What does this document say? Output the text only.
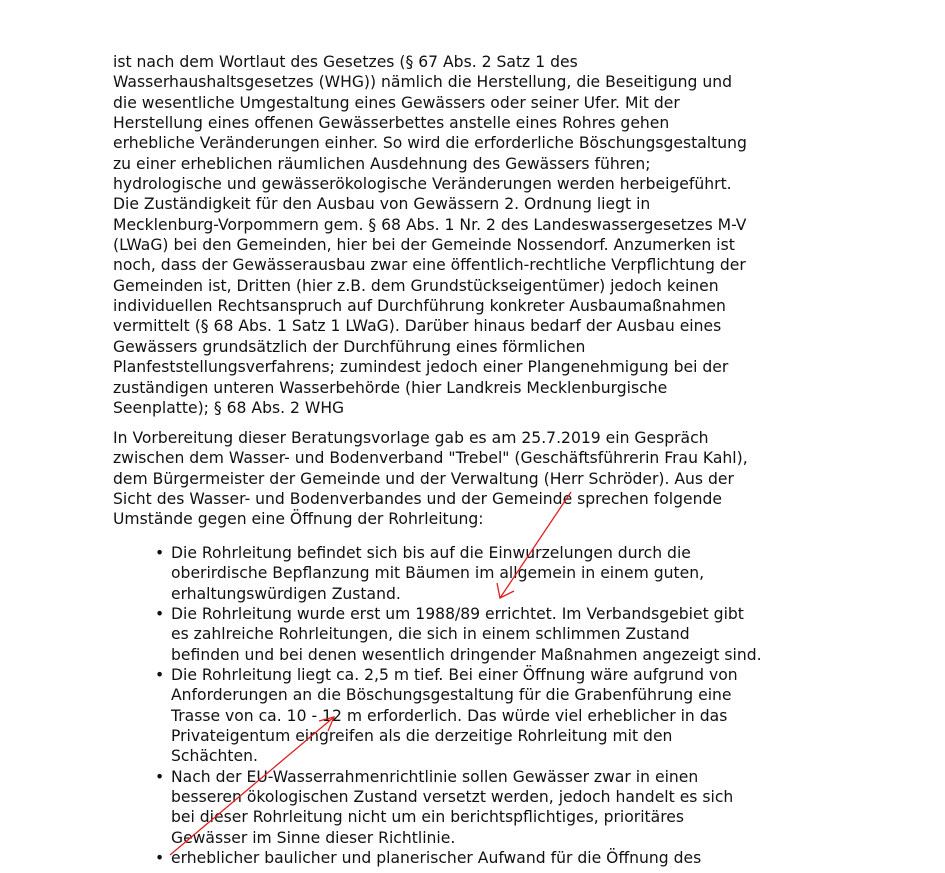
ist nach dem Wortlaut des Gesetzes (§ 67 Abs. 2 Satz 1 des
Wasserhaushaltsgesetzes (WHG)) nämlich die Herstellung, die Beseitigung und
die wesentliche Umgestaltung eines Gewässers oder seiner Ufer. Mit der
Herstellung eines offenen Gewässerbettes anstelle eines Rohres gehen
erhebliche Veränderungen einher. So wird die erforderliche Böschungsgestaltung
zu einer erheblichen räumlichen Ausdehnung des Gewässers führen;
hydrologische und gewässerökologische Veränderungen werden herbeigeführt.
Die Zuständigkeit für den Ausbau von Gewässern 2. Ordnung liegt in
Mecklenburg-Vorpommern gem. § 68 Abs. 1 Nr. 2 des Landeswassergesetzes M-V
(LWaG) bei den Gemeinden, hier bei der Gemeinde Nossendorf. Anzumerken ist
noch, dass der Gewässerausbau zwar eine öffentlich-rechtliche Verpflichtung der
Gemeinden ist, Dritten (hier z.B. dem Grundstückseigentümer) jedoch keinen
individuellen Rechtsanspruch auf Durchführung konkreter Ausbaumaßnahmen
vermittelt (§ 68 Abs. 1 Satz 1 LWaG). Darüber hinaus bedarf der Ausbau eines
Gewässers grundsätzlich der Durchführung eines förmlichen
Planfeststellungsverfahrens; zumindest jedoch einer Plangenehmigung bei der
zuständigen unteren Wasserbehörde (hier Landkreis Mecklenburgische
Seenplatte); § 68 Abs. 2 WHG
In Vorbereitung dieser Beratungsvorlage gab es am 25.7.2019 ein Gespräch
zwischen dem Wasser- und Bodenverband "Trebel" (Geschäftsführerin Frau Kahl),
dem Bürgermeister der Gemeinde und der Verwaltung (Herr Schröder). Aus der
Sicht des Wasser- und Bodenverbandes und der Gemeinde sprechen folgende
Umstände gegen eine Öffnung der Rohrleitung:
• Die Rohrleitung befindet sich bis auf die Einwurzelungen durch die
oberirdische Bepflanzung mit Bäumen im allgemein in einem guten,
erhaltungswürdigen Zustand.
• Die Rohrleitung wurde erst um 1988/89 errichtet. Im Verbandsgebiet gibt
es zahlreiche Rohrleitungen, die sich in einem schlimmen Zustand
befinden und bei denen wesentlich dringender Maßnahmen angezeigt sind.
• Die Rohrleitung liegt ca. 2,5 m tief. Bei einer Öffnung wäre aufgrund von
Anforderungen an die Böschungsgestaltung für die Grabenführung eine
Trasse von ca. 10 - 12 m erforderlich. Das würde viel erheblicher in das
Privateigentum eingreifen als die derzeitige Rohrleitung mit den
Schächten.
• Nach der EU-Wasserrahmenrichtlinie sollen Gewässer zwar in einen
besseren ökologischen Zustand versetzt werden, jedoch handelt es sich
bei dieser Rohrleitung nicht um ein berichtspflichtiges, prioritäres
Gewässer im Sinne dieser Richtlinie.
• erheblicher baulicher und planerischer Aufwand für die Öffnung des
